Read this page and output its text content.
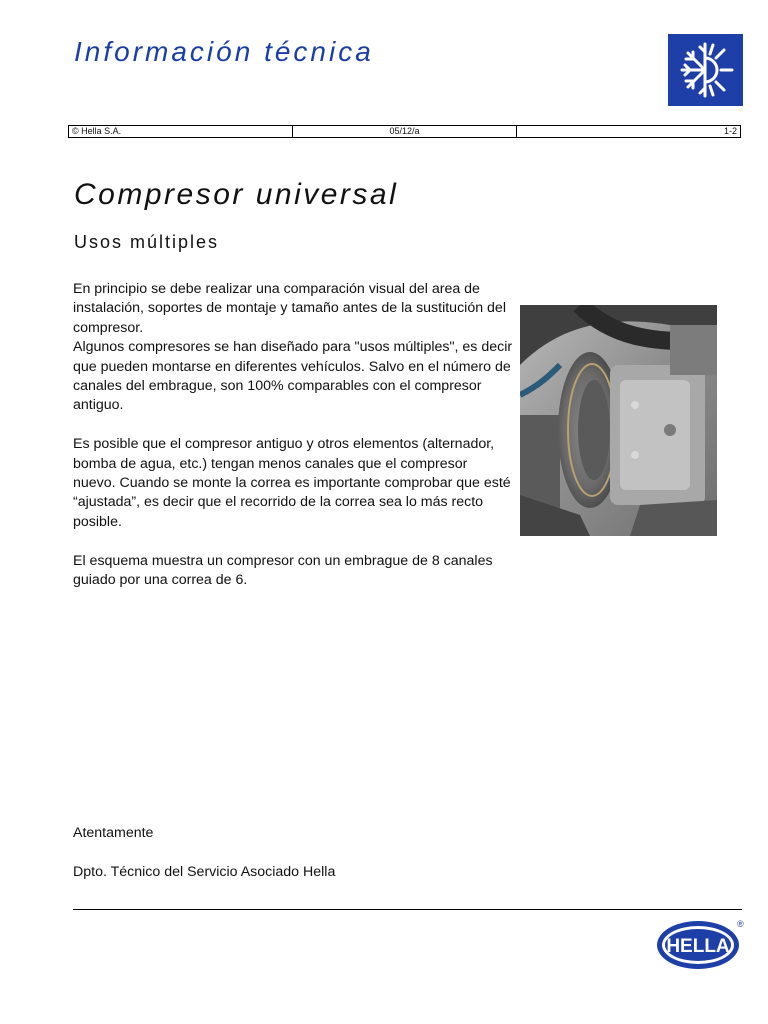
Información técnica
© Hella S.A.	05/12/a	1-2
Compresor universal
Usos múltiples

En principio se debe realizar una comparación visual del area de instalación, soportes de montaje y tamaño antes de la sustitución del compresor.

Algunos compresores se han diseñado para "usos múltiples", es decir que pueden montarse en diferentes vehículos. Salvo en el número de canales del embrague, son 100% comparables con el compresor antiguo.

Es posible que el compresor antiguo y otros elementos (alternador, bomba de agua, etc.) tengan menos canales que el compresor nuevo. Cuando se monte la correa es importante comprobar que esté “ajustada”, es decir que el recorrido de la correa sea lo más recto posible.

El esquema muestra un compresor con un embrague de 8 canales guiado por una correa de 6.

Atentamente
Dpto. Técnico del Servicio Asociado Hella
HELLA
®
